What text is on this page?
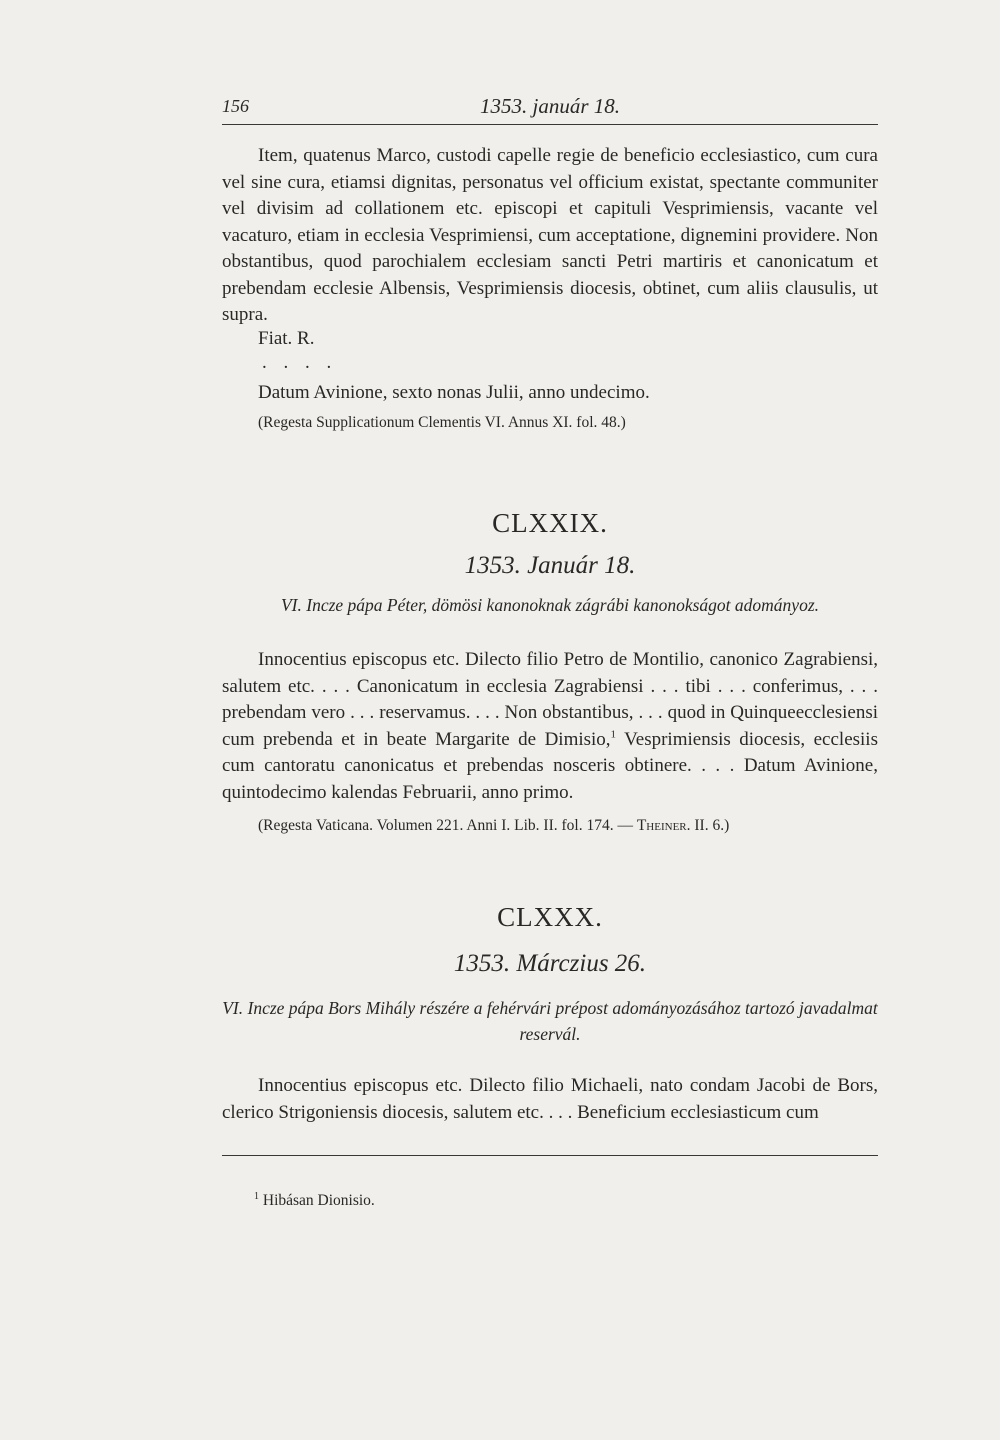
156	1353. január 18.

Item, quatenus Marco, custodi capelle regie de beneficio ecclesiastico, cum cura vel sine cura, etiamsi dignitas, personatus vel officium existat, spectante communiter vel divisim ad collationem etc. episcopi et capituli Vesprimiensis, vacante vel vacaturo, etiam in ecclesia Vesprimiensi, cum acceptatione, dignemini providere. Non obstantibus, quod parochialem ecclesiam sancti Petri martiris et canonicatum et prebendam ecclesie Albensis, Vesprimiensis diocesis, obtinet, cum aliis clausulis, ut supra.

Fiat. R.

. . . .

Datum Avinione, sexto nonas Julii, anno undecimo.

(Regesta Supplicationum Clementis VI. Annus XI. fol. 48.)

CLXXIX.
1353. Január 18.

VI. Incze pápa Péter, dömösi kanonoknak zágrábi kanonokságot adományoz.

Innocentius episcopus etc. Dilecto filio Petro de Montilio, canonico Zagrabiensi, salutem etc. . . . Canonicatum in ecclesia Zagrabiensi . . . tibi . . . conferimus, . . . prebendam vero . . . reservamus. . . . Non obstantibus, . . . quod in Quinqueecclesiensi cum prebenda et in beate Margarite de Dimisio,$^1$ Vesprimiensis diocesis, ecclesiis cum cantoratu canonicatus et prebendas nosceris obtinere. . . . Datum Avinione, quintodecimo kalendas Februarii, anno primo.

(Regesta Vaticana. Volumen 221. Anni I. Lib. II. fol. 174. — Theiner. II. 6.)

CLXXX.
1353. Márczius 26.

VI. Incze pápa Bors Mihály részére a fehérvári prépost adományozásához tartozó javadalmat reservál.

Innocentius episcopus etc. Dilecto filio Michaeli, nato condam Jacobi de Bors, clerico Strigoniensis diocesis, salutem etc. . . . Beneficium ecclesiasticum cum

$^1$ Hibásan Dionisio.
